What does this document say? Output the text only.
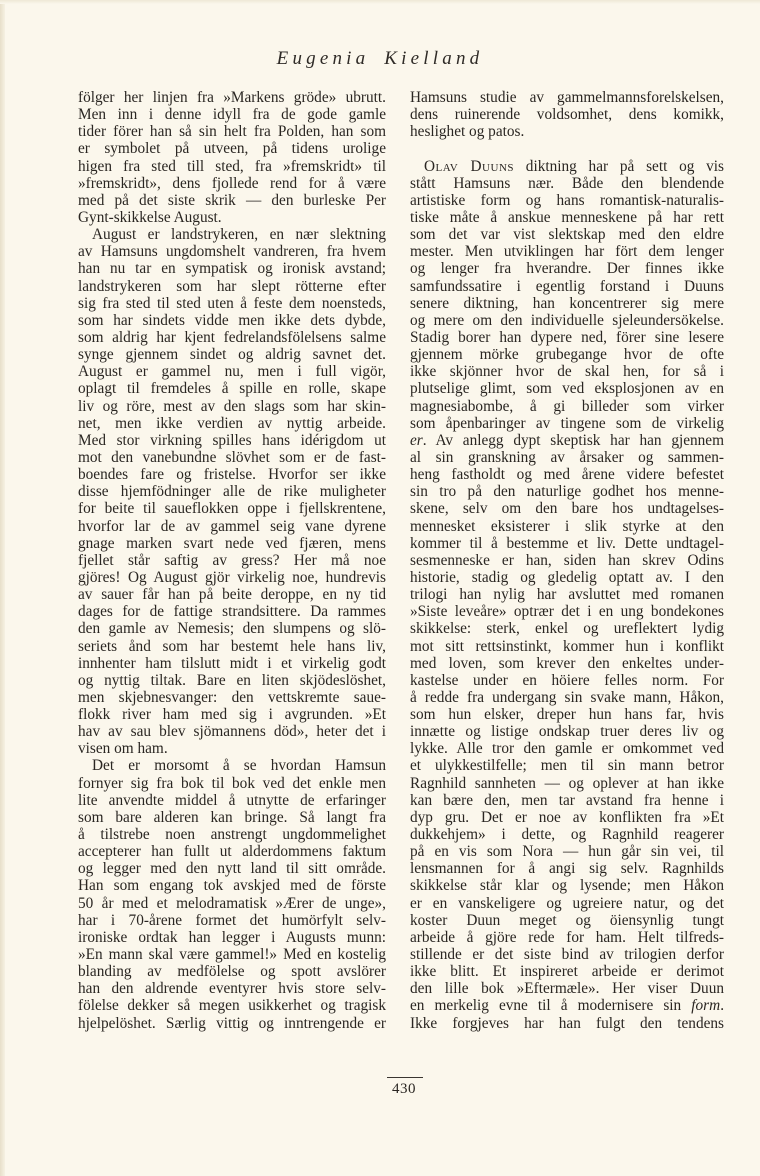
Eugenia Kielland
fölger her linjen fra »Markens gröde» ubrutt.
Men inn i denne idyll fra de gode gamle
tider förer han så sin helt fra Polden, han som
er symbolet på utveen, på tidens urolige
higen fra sted till sted, fra »fremskridt» til
»fremskridt», dens fjollede rend for å være
med på det siste skrik — den burleske Per
Gynt-skikkelse August.
August er landstrykeren, en nær slektning
av Hamsuns ungdomshelt vandreren, fra hvem
han nu tar en sympatisk og ironisk avstand;
landstrykeren som har slept rötterne efter
sig fra sted til sted uten å feste dem noensteds,
som har sindets vidde men ikke dets dybde,
som aldrig har kjent fedrelandsfölelsens salme
synge gjennem sindet og aldrig savnet det.
August er gammel nu, men i full vigör,
oplagt til fremdeles å spille en rolle, skape
liv og röre, mest av den slags som har skin-
net, men ikke verdien av nyttig arbeide.
Med stor virkning spilles hans idérigdom ut
mot den vanebundne slövhet som er de fast-
boendes fare og fristelse. Hvorfor ser ikke
disse hjemfödninger alle de rike muligheter
for beite til saueflokken oppe i fjellskrentene,
hvorfor lar de av gammel seig vane dyrene
gnage marken svart nede ved fjæren, mens
fjellet står saftig av gress? Her må noe
gjöres! Og August gjör virkelig noe, hundrevis
av sauer får han på beite deroppe, en ny tid
dages for de fattige strandsittere. Da rammes
den gamle av Nemesis; den slumpens og slö-
seriets ånd som har bestemt hele hans liv,
innhenter ham tilslutt midt i et virkelig godt
og nyttig tiltak. Bare en liten skjödeslöshet,
men skjebnesvanger: den vettskremte saue-
flokk river ham med sig i avgrunden. »Et
hav av sau blev sjömannens död», heter det i
visen om ham.
Det er morsomt å se hvordan Hamsun
fornyer sig fra bok til bok ved det enkle men
lite anvendte middel å utnytte de erfaringer
som bare alderen kan bringe. Så langt fra
å tilstrebe noen anstrengt ungdommelighet
accepterer han fullt ut alderdommens faktum
og legger med den nytt land til sitt område.
Han som engang tok avskjed med de förste
50 år med et melodramatisk »Ærer de unge»,
har i 70-årene formet det humörfylt selv-
ironiske ordtak han legger i Augusts munn:
»En mann skal være gammel!» Med en kostelig
blanding av medfölelse og spott avslörer
han den aldrende eventyrer hvis store selv-
fölelse dekker så megen usikkerhet og tragisk
hjelpelöshet. Særlig vittig og inntrengende er
Hamsuns studie av gammelmannsforelskelsen,
dens ruinerende voldsomhet, dens komikk,
heslighet og patos.
Olav Duuns diktning har på sett og vis
stått Hamsuns nær. Både den blendende
artistiske form og hans romantisk-naturalis-
tiske måte å anskue menneskene på har rett
som det var vist slektskap med den eldre
mester. Men utviklingen har fört dem lenger
og lenger fra hverandre. Der finnes ikke
samfundssatire i egentlig forstand i Duuns
senere diktning, han koncentrerer sig mere
og mere om den individuelle sjeleundersökelse.
Stadig borer han dypere ned, förer sine lesere
gjennem mörke grubegange hvor de ofte
ikke skjönner hvor de skal hen, for så i
plutselige glimt, som ved eksplosjonen av en
magnesiabombe, å gi billeder som virker
som åpenbaringer av tingene som de virkelig
er. Av anlegg dypt skeptisk har han gjennem
al sin granskning av årsaker og sammen-
heng fastholdt og med årene videre befestet
sin tro på den naturlige godhet hos menne-
skene, selv om den bare hos undtagelses-
mennesket eksisterer i slik styrke at den
kommer til å bestemme et liv. Dette undtagel-
sesmenneske er han, siden han skrev Odins
historie, stadig og gledelig optatt av. I den
trilogi han nylig har avsluttet med romanen
»Siste leveåre» optrær det i en ung bondekones
skikkelse: sterk, enkel og ureflektert lydig
mot sitt rettsinstinkt, kommer hun i konflikt
med loven, som krever den enkeltes under-
kastelse under en höiere felles norm. For
å redde fra undergang sin svake mann, Håkon,
som hun elsker, dreper hun hans far, hvis
innætte og listige ondskap truer deres liv og
lykke. Alle tror den gamle er omkommet ved
et ulykkestilfelle; men til sin mann betror
Ragnhild sannheten — og oplever at han ikke
kan bære den, men tar avstand fra henne i
dyp gru. Det er noe av konflikten fra »Et
dukkehjem» i dette, og Ragnhild reagerer
på en vis som Nora — hun går sin vei, til
lensmannen for å angi sig selv. Ragnhilds
skikkelse står klar og lysende; men Håkon
er en vanskeligere og ugreiere natur, og det
koster Duun meget og öiensynlig tungt
arbeide å gjöre rede for ham. Helt tilfreds-
stillende er det siste bind av trilogien derfor
ikke blitt. Et inspireret arbeide er derimot
den lille bok »Eftermæle». Her viser Duun
en merkelig evne til å modernisere sin form.
Ikke forgjeves har han fulgt den tendens
430
